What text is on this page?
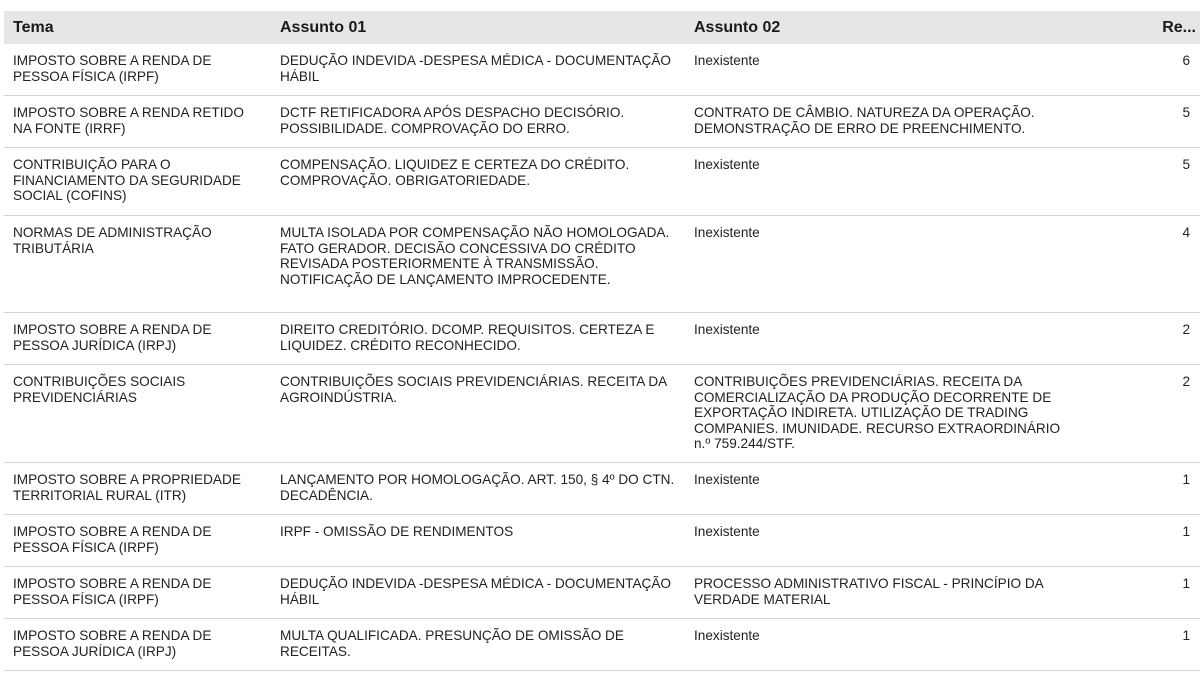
Tema	Assunto 01	Assunto 02	Re...
IMPOSTO SOBRE A RENDA DE PESSOA FÍSICA (IRPF)	DEDUÇÃO INDEVIDA -DESPESA MÉDICA - DOCUMENTAÇÃO HÁBIL	Inexistente	6
IMPOSTO SOBRE A RENDA RETIDO NA FONTE (IRRF)	DCTF RETIFICADORA APÓS DESPACHO DECISÓRIO. POSSIBILIDADE. COMPROVAÇÃO DO ERRO.	CONTRATO DE CÂMBIO. NATUREZA DA OPERAÇÃO. DEMONSTRAÇÃO DE ERRO DE PREENCHIMENTO.	5
CONTRIBUIÇÃO PARA O FINANCIAMENTO DA SEGURIDADE SOCIAL (COFINS)	COMPENSAÇÃO. LIQUIDEZ E CERTEZA DO CRÉDITO. COMPROVAÇÃO. OBRIGATORIEDADE.	Inexistente	5
NORMAS DE ADMINISTRAÇÃO TRIBUTÁRIA	MULTA ISOLADA POR COMPENSAÇÃO NÃO HOMOLOGADA. FATO GERADOR. DECISÃO CONCESSIVA DO CRÉDITO REVISADA POSTERIORMENTE À TRANSMISSÃO. NOTIFICAÇÃO DE LANÇAMENTO IMPROCEDENTE.	Inexistente	4
IMPOSTO SOBRE A RENDA DE PESSOA JURÍDICA (IRPJ)	DIREITO CREDITÓRIO. DCOMP. REQUISITOS. CERTEZA E LIQUIDEZ. CRÉDITO RECONHECIDO.	Inexistente	2
CONTRIBUIÇÕES SOCIAIS PREVIDENCIÁRIAS	CONTRIBUIÇÕES SOCIAIS PREVIDENCIÁRIAS. RECEITA DA AGROINDÚSTRIA.	CONTRIBUIÇÕES PREVIDENCIÁRIAS. RECEITA DA COMERCIALIZAÇÃO DA PRODUÇÃO DECORRENTE DE EXPORTAÇÃO INDIRETA. UTILIZAÇÃO DE TRADING COMPANIES. IMUNIDADE. RECURSO EXTRAORDINÁRIO n.º 759.244/STF.	2
IMPOSTO SOBRE A PROPRIEDADE TERRITORIAL RURAL (ITR)	LANÇAMENTO POR HOMOLOGAÇÃO. ART. 150, § 4º DO CTN. DECADÊNCIA.	Inexistente	1
IMPOSTO SOBRE A RENDA DE PESSOA FÍSICA (IRPF)	IRPF - OMISSÃO DE RENDIMENTOS	Inexistente	1
IMPOSTO SOBRE A RENDA DE PESSOA FÍSICA (IRPF)	DEDUÇÃO INDEVIDA -DESPESA MÉDICA - DOCUMENTAÇÃO HÁBIL	PROCESSO ADMINISTRATIVO FISCAL - PRINCÍPIO DA VERDADE MATERIAL	1
IMPOSTO SOBRE A RENDA DE PESSOA JURÍDICA (IRPJ)	MULTA QUALIFICADA. PRESUNÇÃO DE OMISSÃO DE RECEITAS.	Inexistente	1
